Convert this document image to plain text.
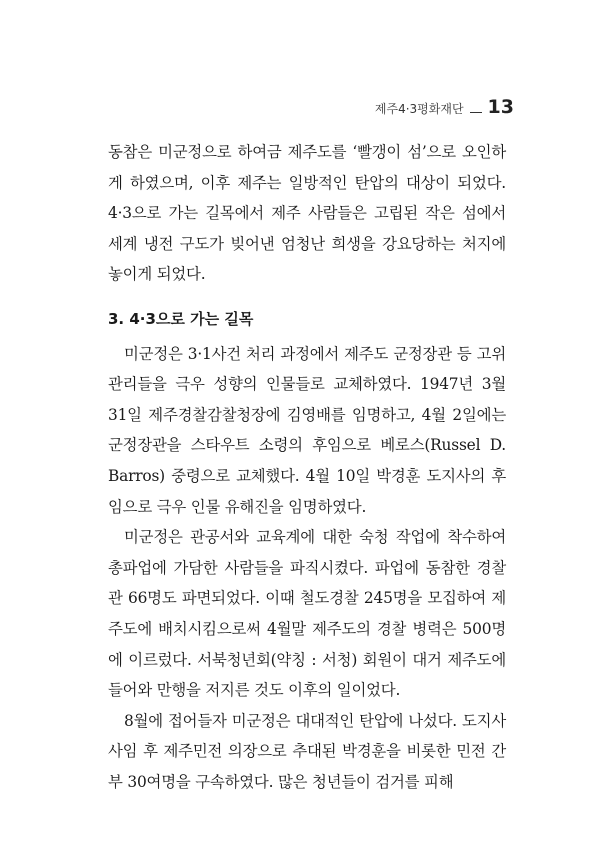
제주4·3평화재단 13

동참은 미군정으로 하여금 제주도를 ‘빨갱이 섬’으로 오인하게 하였으며, 이후 제주는 일방적인 탄압의 대상이 되었다. 4·3으로 가는 길목에서 제주 사람들은 고립된 작은 섬에서 세계 냉전 구도가 빚어낸 엄청난 희생을 강요당하는 처지에 놓이게 되었다.

3. 4·3으로 가는 길목

미군정은 3·1사건 처리 과정에서 제주도 군정장관 등 고위관리들을 극우 성향의 인물들로 교체하였다. 1947년 3월 31일 제주경찰감찰청장에 김영배를 임명하고, 4월 2일에는 군정장관을 스타우트 소령의 후임으로 베로스(Russel D. Barros) 중령으로 교체했다. 4월 10일 박경훈 도지사의 후임으로 극우 인물 유해진을 임명하였다.

미군정은 관공서와 교육계에 대한 숙청 작업에 착수하여 총파업에 가담한 사람들을 파직시켰다. 파업에 동참한 경찰관 66명도 파면되었다. 이때 철도경찰 245명을 모집하여 제주도에 배치시킴으로써 4월말 제주도의 경찰 병력은 500명에 이르렀다. 서북청년회(약칭 : 서청) 회원이 대거 제주도에 들어와 만행을 저지른 것도 이후의 일이었다.

8월에 접어들자 미군정은 대대적인 탄압에 나섰다. 도지사 사임 후 제주민전 의장으로 추대된 박경훈을 비롯한 민전 간부 30여명을 구속하였다. 많은 청년들이 검거를 피해
